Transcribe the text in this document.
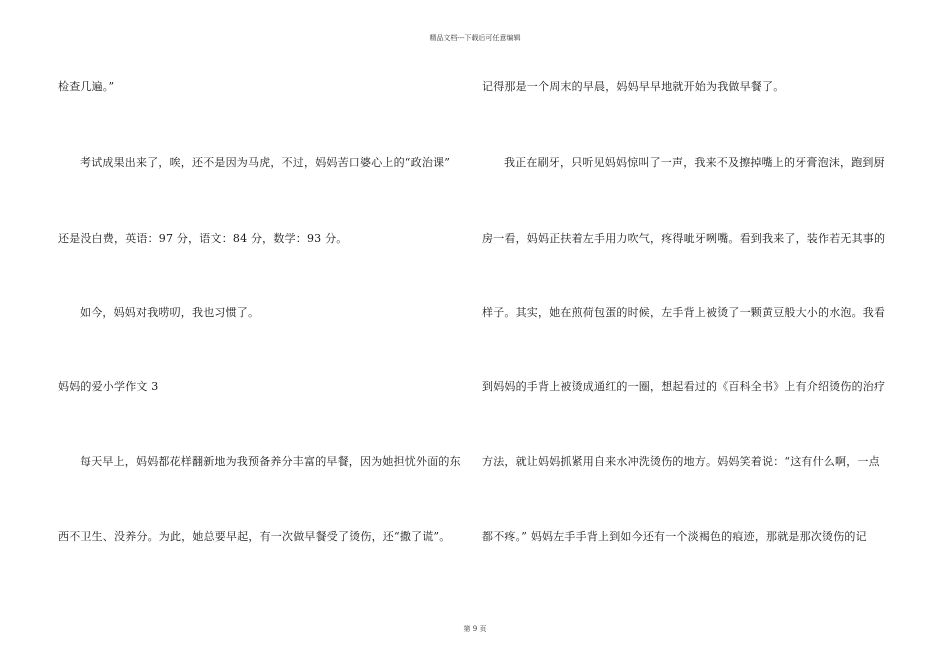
精品文档---下载后可任意编辑
检查几遍。”
考试成果出来了，唉，还不是因为马虎，不过，妈妈苦口婆心上的“政治课”
还是没白费，英语：97 分，语文：84 分，数学：93 分。
如今，妈妈对我唠叨，我也习惯了。
妈妈的爱小学作文 3
每天早上，妈妈都花样翻新地为我预备养分丰富的早餐，因为她担忧外面的东
西不卫生、没养分。为此，她总要早起，有一次做早餐受了烫伤，还“撒了谎”。
记得那是一个周末的早晨，妈妈早早地就开始为我做早餐了。
我正在刷牙，只听见妈妈惊叫了一声，我来不及擦掉嘴上的牙膏泡沫，跑到厨
房一看，妈妈正扶着左手用力吹气，疼得呲牙咧嘴。看到我来了，装作若无其事的
样子。其实，她在煎荷包蛋的时候，左手背上被烫了一颗黄豆般大小的水泡。我看
到妈妈的手背上被烫成通红的一圈，想起看过的《百科全书》上有介绍烫伤的治疗
方法，就让妈妈抓紧用自来水冲洗烫伤的地方。妈妈笑着说：“这有什么啊，一点
都不疼。” 妈妈左手手背上到如今还有一个淡褐色的痕迹，那就是那次烫伤的记
第 9 页
